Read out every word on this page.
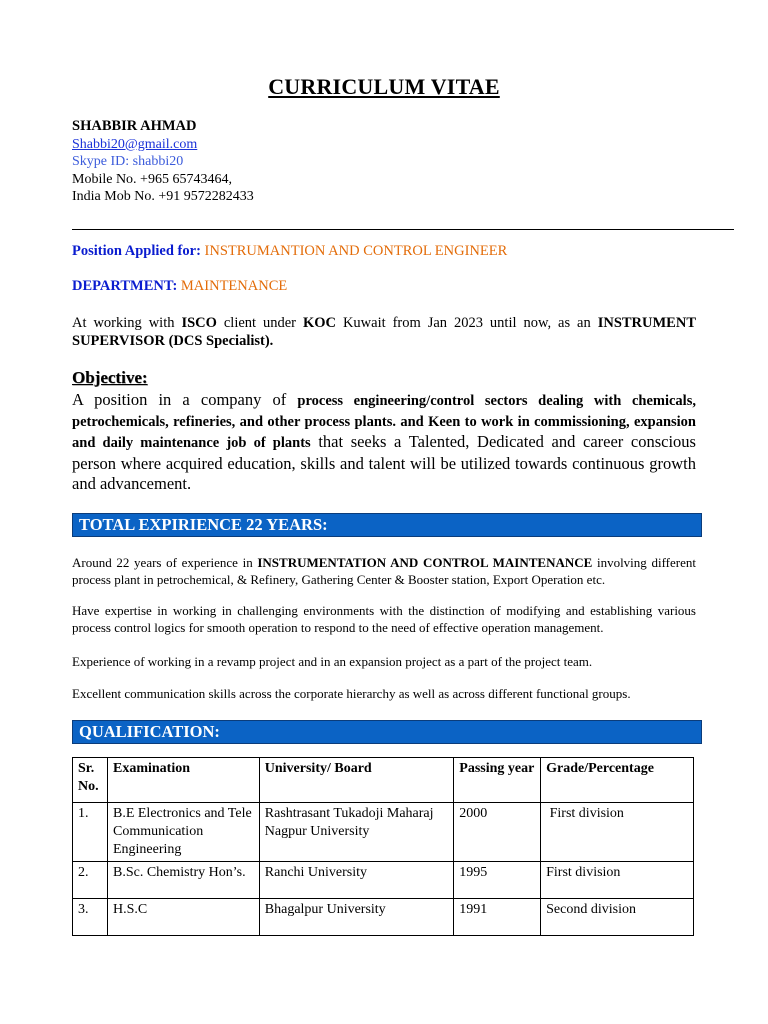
CURRICULUM VITAE
SHABBIR AHMAD
Shabbi20@gmail.com
Skype ID: shabbi20
Mobile No. +965 65743464,
India Mob No. +91 9572282433
Position Applied for: INSTRUMANTION AND CONTROL ENGINEER
DEPARTMENT: MAINTENANCE
At working with ISCO client under KOC Kuwait from Jan 2023 until now, as an INSTRUMENT SUPERVISOR (DCS Specialist).
Objective:
A position in a company of process engineering/control sectors dealing with chemicals, petrochemicals, refineries, and other process plants. and Keen to work in commissioning, expansion and daily maintenance job of plants that seeks a Talented, Dedicated and career conscious person where acquired education, skills and talent will be utilized towards continuous growth and advancement.
TOTAL EXPIRIENCE 22 YEARS:
Around 22 years of experience in INSTRUMENTATION AND CONTROL MAINTENANCE involving different process plant in petrochemical, & Refinery, Gathering Center & Booster station, Export Operation etc.
Have expertise in working in challenging environments with the distinction of modifying and establishing various process control logics for smooth operation to respond to the need of effective operation management.
Experience of working in a revamp project and in an expansion project as a part of the project team.
Excellent communication skills across the corporate hierarchy as well as across different functional groups.
QUALIFICATION:
Sr. No.	Examination	University/ Board	Passing year	Grade/Percentage
1.	B.E Electronics and Tele Communication Engineering	Rashtrasant Tukadoji Maharaj Nagpur University	2000	First division
2.	B.Sc. Chemistry Hon’s.	Ranchi University	1995	First division
3.	H.S.C	Bhagalpur University	1991	Second division
